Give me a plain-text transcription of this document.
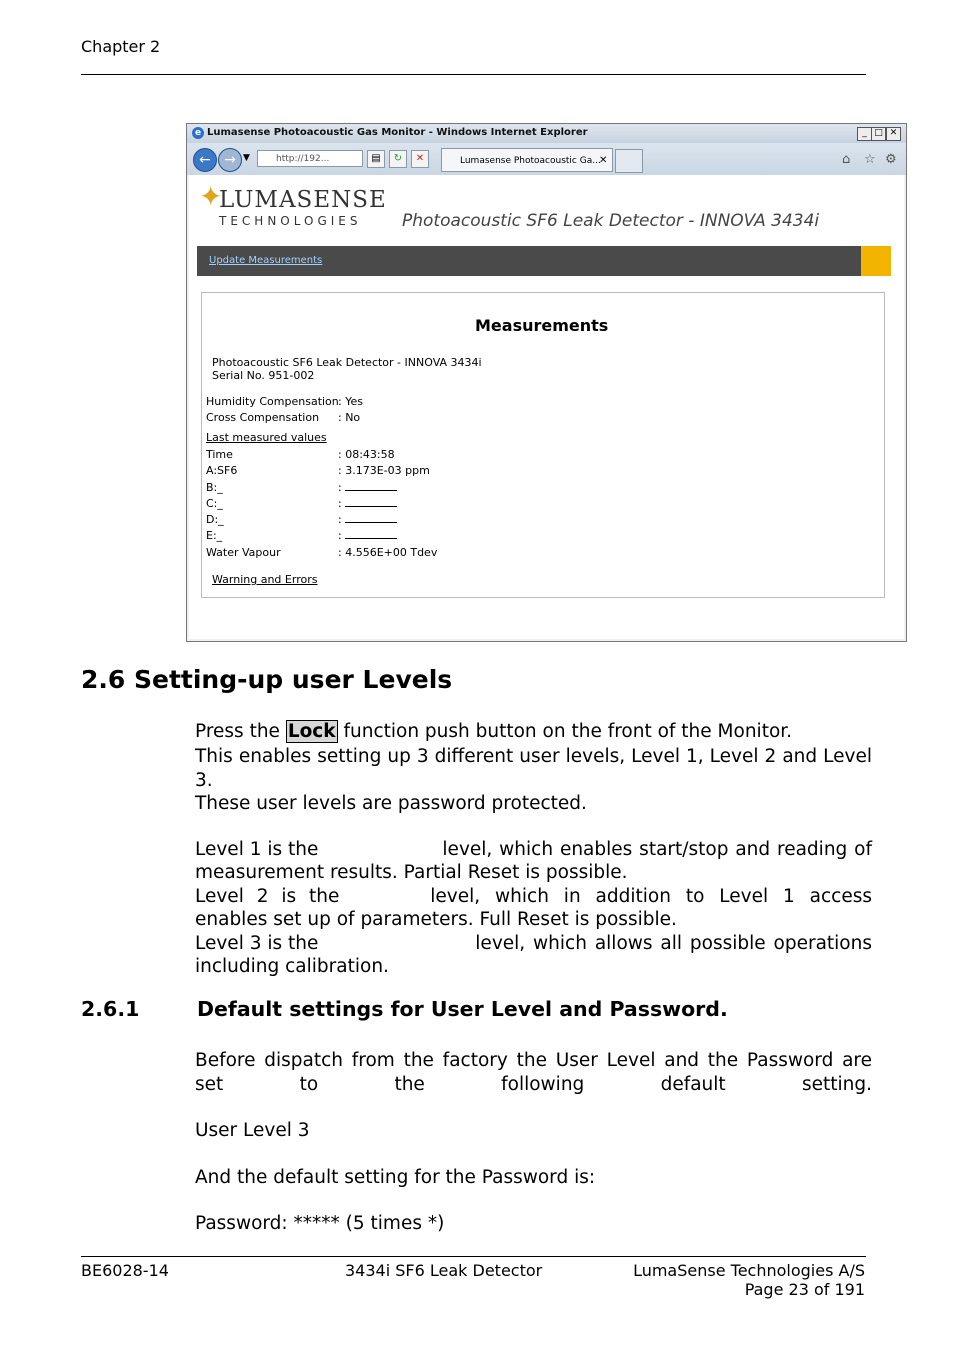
Chapter 2
e Lumasense Photoacoustic Gas Monitor - Windows Internet Explorer	_ □ ✕
← → ▼	http://192...	▤	↻	✕	Lumasense Photoacoustic Ga...
✕	⌂ ☆ ⚙
✦
LUMASENSE
TECHNOLOGIES Photoacoustic SF6 Leak Detector - INNOVA 3434i
Update Measurements
Measurements
Photoacoustic SF6 Leak Detector - INNOVA 3434i
Serial No. 951-002
Humidity Compensation : Yes
Cross Compensation : No
Last measured values
Time	: 08:43:58
A:SF6	: 3.173E-03 ppm
B:_	:
C:_	:
D:_	:
E:_	:
Water Vapour	: 4.556E+00 Tdev
Warning and Errors
2.6 Setting-up user Levels
Press the Lock function push button on the front of the Monitor.
This enables setting up 3 different user levels, Level 1, Level 2 and Level 3.
These user levels are password protected.
Level 1 is the	level, which enables start/stop and reading of
measurement results. Partial Reset is possible.
Level 2 is the	level, which in addition to Level 1 access
enables set up of parameters. Full Reset is possible.
Level 3 is the	level, which allows all possible operations
including calibration.
2.6.1	Default settings for User Level and Password.
Before dispatch from the factory the User Level and the Password are set to the following default setting.
User Level 3
And the default setting for the Password is:
Password: ***** (5 times *)
BE6028-14	3434i SF6 Leak Detector	LumaSense Technologies A/S
Page 23 of 191
